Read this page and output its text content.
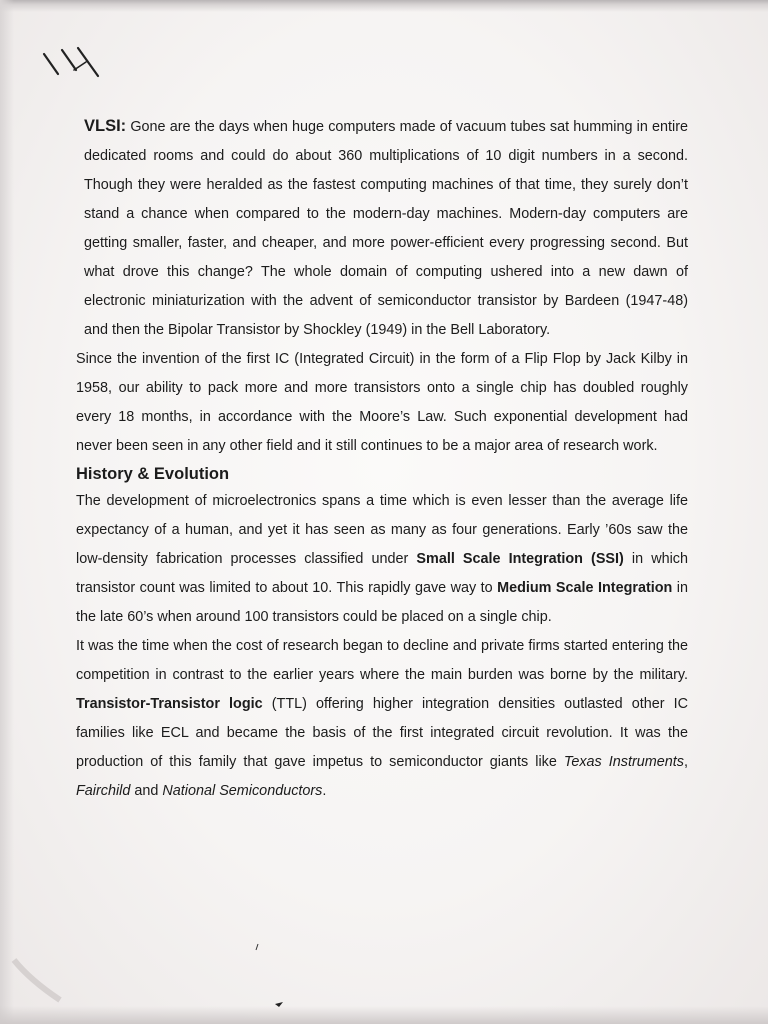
VLSI: Gone are the days when huge computers made of vacuum tubes sat humming in entire dedicated rooms and could do about 360 multiplications of 10 digit numbers in a second. Though they were heralded as the fastest computing machines of that time, they surely don’t stand a chance when compared to the modern-day machines. Modern-day computers are getting smaller, faster, and cheaper, and more power-efficient every progressing second. But what drove this change? The whole domain of computing ushered into a new dawn of electronic miniaturization with the advent of semiconductor transistor by Bardeen (1947-48) and then the Bipolar Transistor by Shockley (1949) in the Bell Laboratory.

Since the invention of the first IC (Integrated Circuit) in the form of a Flip Flop by Jack Kilby in 1958, our ability to pack more and more transistors onto a single chip has doubled roughly every 18 months, in accordance with the Moore’s Law. Such exponential development had never been seen in any other field and it still continues to be a major area of research work.

History & Evolution

The development of microelectronics spans a time which is even lesser than the average life expectancy of a human, and yet it has seen as many as four generations. Early ’60s saw the low-density fabrication processes classified under Small Scale Integration (SSI) in which transistor count was limited to about 10. This rapidly gave way to Medium Scale Integration in the late 60’s when around 100 transistors could be placed on a single chip.

It was the time when the cost of research began to decline and private firms started entering the competition in contrast to the earlier years where the main burden was borne by the military. Transistor-Transistor logic (TTL) offering higher integration densities outlasted other IC families like ECL and became the basis of the first integrated circuit revolution. It was the production of this family that gave impetus to semiconductor giants like Texas Instruments, Fairchild and National Semiconductors.
